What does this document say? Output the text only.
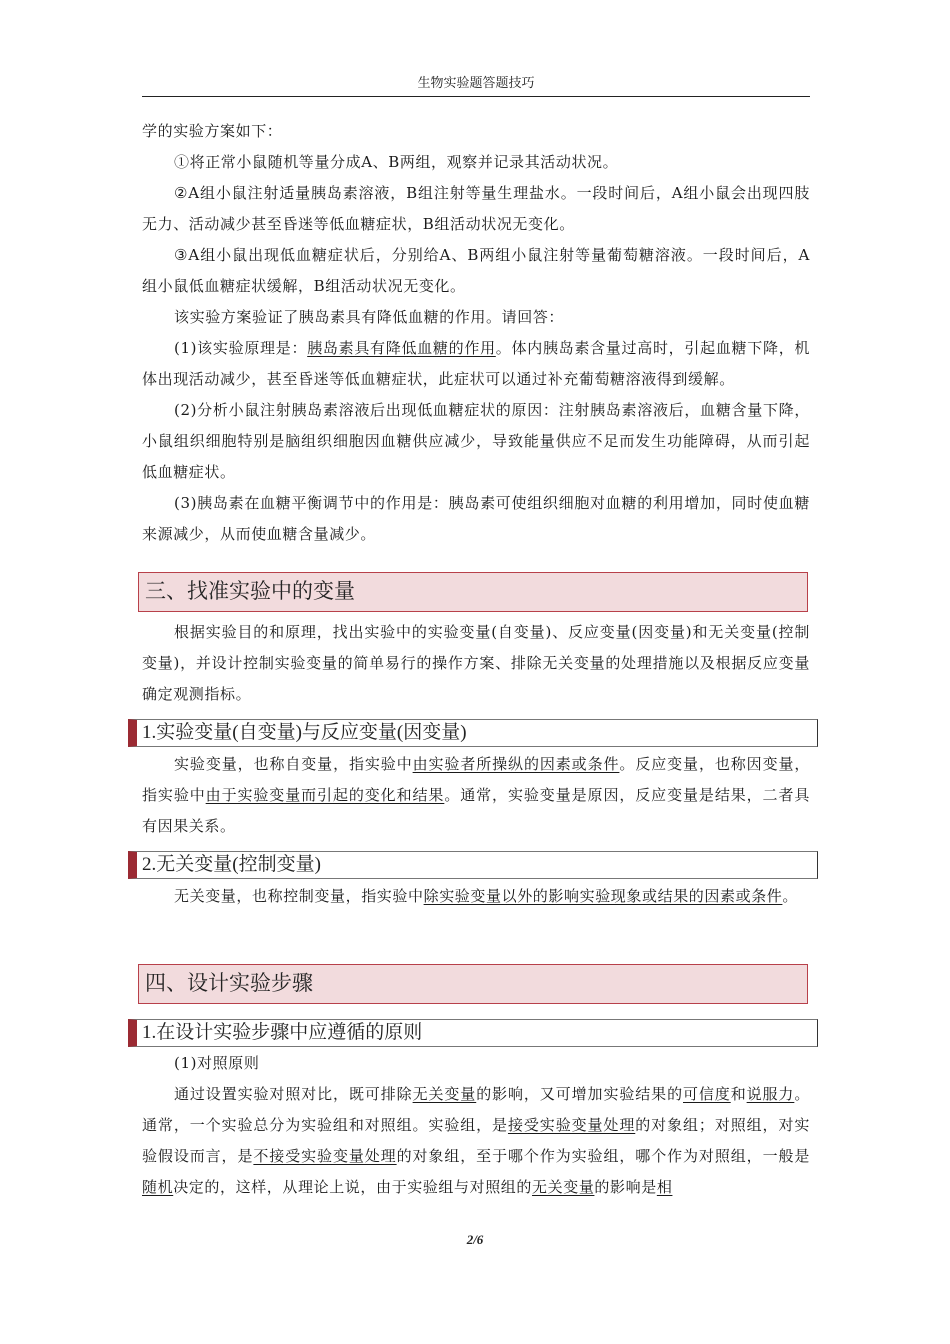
生物实验题答题技巧

学的实验方案如下：

①将正常小鼠随机等量分成A、B两组，观察并记录其活动状况。

②A组小鼠注射适量胰岛素溶液，B组注射等量生理盐水。一段时间后，A组小鼠会出现四肢无力、活动减少甚至昏迷等低血糖症状，B组活动状况无变化。

③A组小鼠出现低血糖症状后，分别给A、B两组小鼠注射等量葡萄糖溶液。一段时间后，A组小鼠低血糖症状缓解，B组活动状况无变化。

该实验方案验证了胰岛素具有降低血糖的作用。请回答：

(1)该实验原理是：胰岛素具有降低血糖的作用。体内胰岛素含量过高时，引起血糖下降，机体出现活动减少，甚至昏迷等低血糖症状，此症状可以通过补充葡萄糖溶液得到缓解。

(2)分析小鼠注射胰岛素溶液后出现低血糖症状的原因：注射胰岛素溶液后，血糖含量下降，小鼠组织细胞特别是脑组织细胞因血糖供应减少，导致能量供应不足而发生功能障碍，从而引起低血糖症状。

(3)胰岛素在血糖平衡调节中的作用是：胰岛素可使组织细胞对血糖的利用增加，同时使血糖来源减少，从而使血糖含量减少。

三、找准实验中的变量

根据实验目的和原理，找出实验中的实验变量(自变量)、反应变量(因变量)和无关变量(控制变量)，并设计控制实验变量的简单易行的操作方案、排除无关变量的处理措施以及根据反应变量确定观测指标。

1.实验变量(自变量)与反应变量(因变量)

实验变量，也称自变量，指实验中由实验者所操纵的因素或条件。反应变量，也称因变量，指实验中由于实验变量而引起的变化和结果。通常，实验变量是原因，反应变量是结果，二者具有因果关系。

2.无关变量(控制变量)

无关变量，也称控制变量，指实验中除实验变量以外的影响实验现象或结果的因素或条件。

四、设计实验步骤
1.在设计实验步骤中应遵循的原则

(1)对照原则

通过设置实验对照对比，既可排除无关变量的影响，又可增加实验结果的可信度和说服力。通常，一个实验总分为实验组和对照组。实验组，是接受实验变量处理的对象组；对照组，对实验假设而言，是不接受实验变量处理的对象组，至于哪个作为实验组，哪个作为对照组，一般是随机决定的，这样，从理论上说，由于实验组与对照组的无关变量的影响是相

2/6
